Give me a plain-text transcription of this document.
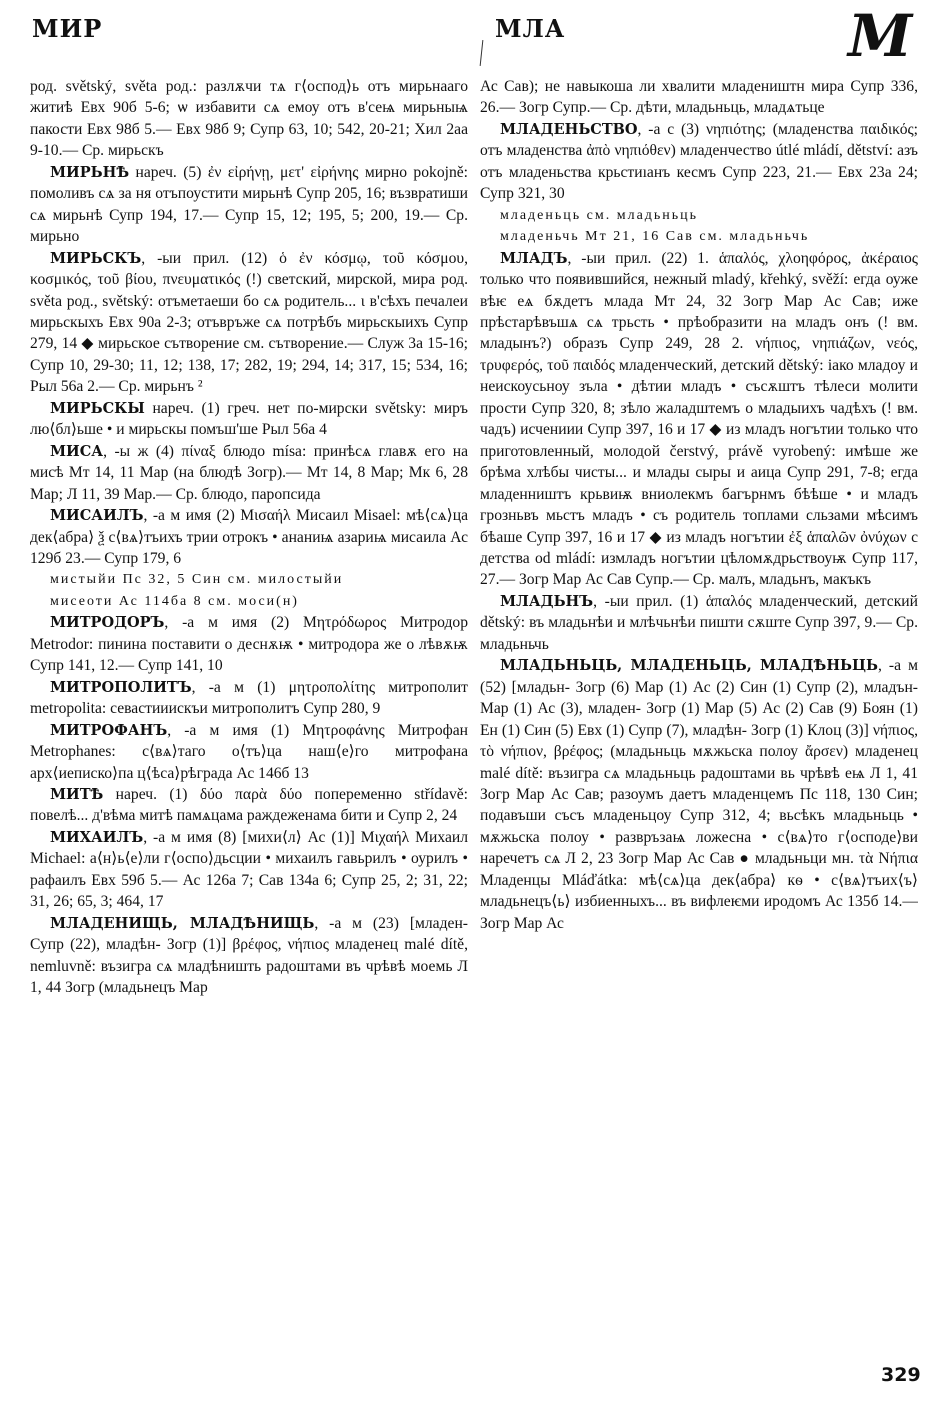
МИР	МЛА	М

род. světský, světa род.: разлѫчи тѧ г⟨оспод⟩ь отъ мирьнааго житиѣ Евх 90б 5-6; ѡ избавити сѧ емоу отъ в'сеѩ мирьныѩ пакости Евх 98б 5.— Евх 98б 9; Супр 63, 10; 542, 20-21; Хил 2аа 9-10.— Ср. мирьскъ

МИРЬНѢ нареч. (5) ἐν εἰρήνῃ, μετ' εἰρήνης мирно pokojně: помоливъ сѧ за ня отъпоустити мирьнѣ Супр 205, 16; възвратиши сѧ мирьнѣ Супр 194, 17.— Супр 15, 12; 195, 5; 200, 19.— Ср. мирьно

МИРЬСКЪ, -ыи прил. (12) ὁ ἐν κόσμῳ, τοῦ κόσμου, κοσμικός, τοῦ βίου, πνευματικός (!) светский, мирской, мира род. světa род., světský: отъметаеши бо сѧ родитель... ι в'сѣхъ печалеи мирьскыхъ Евх 90а 2-3; отъвръже сѧ потрѣбъ мирьскыихъ Супр 279, 14 ◆ мирьское сътворение см. сътворение.— Служ 3а 15-16; Супр 10, 29-30; 11, 12; 138, 17; 282, 19; 294, 14; 317, 15; 534, 16; Рыл 56а 2.— Ср. мирьнъ ²

МИРЬСКЫ нареч. (1) греч. нет по-мирски světsky: миръ лю⟨бл⟩ьше • и мирьскы помъш'ше Рыл 56а 4

МИСА, -ы ж (4) πίναξ блюдо mísa: принѣсѧ главѫ его на мисѣ Мт 14, 11 Мар (на блюдѣ Зогр).— Мт 14, 8 Мар; Мк 6, 28 Мар; Л 11, 39 Мар.— Ср. блюдо, паропсида

МИСАИЛЪ, -а м имя (2) Μισαήλ Мисаил Misael: мѣ⟨сѧ⟩ца дек⟨абра⟩ ѯ с⟨вѧ⟩тъихъ трии отрокъ • ананиѩ азариѩ мисаила Ас 129б 23.— Супр 179, 6

мистыйи Пс 32, 5 Син см. милостыйи

мисеоти Ас 114ба 8 см. моси(н)

МИТРОДОРЪ, -а м имя (2) Μητρόδωρος Митродор Metrodor: пинина поставити о деснѫѭ • митродора же о лѣвѫѭ Супр 141, 12.— Супр 141, 10

МИТРОПОЛИТЪ, -а м (1) μητροπολίτης митрополит metropolita: севастииискъи митрополитъ Супр 280, 9

МИТРОФАНЪ, -а м имя (1) Μητροφάνης Митрофан Metrophanes: с⟨вѧ⟩таго о⟨тъ⟩ца наш⟨е⟩го митрофана арх⟨иеписко⟩па ц⟨ѣса⟩рѣграда Ас 146б 13

МИТѢ нареч. (1) δύο παρὰ δύο попеременно střídavě: повелѣ... д'вѣма митѣ памѧцама раждеженама бити и Супр 2, 24

МИХАИЛЪ, -а м имя (8) [михи⟨л⟩ Ас (1)] Μιχαήλ Михаил Michael: а⟨н⟩ь⟨е⟩ли г⟨оспо⟩дьсции • михаилъ гавьрилъ • оурилъ • рафаилъ Евх 59б 5.— Ас 126а 7; Сав 134а 6; Супр 25, 2; 31, 22; 31, 26; 65, 3; 464, 17

МЛАДЕНИЩЬ, МЛАДѢНИЩЬ, -а м (23) [младен- Супр (22), младѣн- Зогр (1)] βρέφος, νήπιος младенец malé dítě, nemluvně: възигра сѧ младѣништь радоштами въ чрѣвѣ моемь Л 1, 44 Зогр (младьнецъ Мар

Ас Сав); не навыкоша ли хвалити младеништн мира Супр 336, 26.— Зогр Супр.— Ср. дѣти, младьньць, младѧтьце

МЛАДЕНЬСТВО, -а с (3) νηπιότης; (младенства παιδικός; отъ младенства ἀπὸ νηπιόθεν) младенчество útlé mládí, dětství: азъ отъ младеньства крьстиıанъ кесмъ Супр 223, 21.— Евх 23а 24; Супр 321, 30

младеньць см. младьньць

младеньчь Мт 21, 16 Сав см. младьньчь

МЛАДЪ, -ыи прил. (22) 1. ἁπαλός, χλοηφόρος, ἀκέραιος только что появившийся, нежный mladý, křehký, svěží: егда оуже вѣѥ еѧ бѫдетъ млада Мт 24, 32 Зогр Мар Ас Сав; иже прѣстарѣвъшѧ сѧ трьсть • прѣобразити на младъ онъ (! вм. младынъ?) образъ Супр 249, 28 2. νήπιος, νηπιάζων, νεός, τρυφερός, τοῦ παιδός младенческий, детский dětský: іако младоу и неискоусьноу зъла • дѣтии младъ • съсѫштъ тѣлеси молити прости Супр 320, 8; зѣло жаладштемъ о младыихъ чадѣхъ (! вм. чадъ) исчениии Супр 397, 16 и 17 ◆ из младъ ногътии только что приготовленный, молодой čerstvý, právě vyrobený: имѣше же брѣма хлѣбы чисты... и млады сыры и аица Супр 291, 7-8; егда младенништъ крьвиѭ вниолекмъ багърнмъ бѣѣше • и младъ грозньвъ мьстъ младъ • съ родитель топлами сльзами мѣсимъ бѣаше Супр 397, 16 и 17 ◆ из младъ ногътии ἐξ ἁπαλῶν ὀνύχων с детства od mládí: измладъ ногътии цѣломѫдрьствоуѭ Супр 117, 27.— Зогр Мар Ас Сав Супр.— Ср. малъ, младьнъ, макъкъ

МЛАДЬНЪ, -ыи прил. (1) ἁπαλός младенческий, детский dětský: въ младьнѣи и млѣчьнѣи пишти сѫште Супр 397, 9.— Ср. младьньчь

МЛАДЬНЬЦЬ, МЛАДЕНЬЦЬ, МЛАДѢНЬЦЬ, -а м (52) [младьн- Зогр (6) Мар (1) Ас (2) Син (1) Супр (2), младън- Мар (1) Ас (3), младен- Зогр (1) Мар (5) Ас (2) Сав (9) Боян (1) Ен (1) Син (5) Евх (1) Супр (7), младѣн- Зогр (1) Клоц (3)] νήπιος, τὸ νήπιον, βρέφος; (младьньць мѫжьска полоу ἄρσεν) младенец malé dítě: възигра сѧ младьньць радоштами вь чрѣвѣ еѩ Л 1, 41 Зогр Мар Ас Сав; разоумъ даетъ младенцемъ Пс 118, 130 Син; подавъши съсъ младеньцоу Супр 312, 4; вьсѣкъ младьньць • мѫжьска полоу • развръзаѩ ложесна • с⟨вѧ⟩то г⟨осподе⟩ви наречетъ сѧ Л 2, 23 Зогр Мар Ас Сав ● младьньци мн. τὰ Νήπια Младенцы Mláďátka: мѣ⟨сѧ⟩ца дек⟨абра⟩ кѳ • с⟨вѧ⟩тъих⟨ъ⟩ младьнецъ⟨ь⟩ избиенныхъ... въ вифлеѥми иродомъ Ас 135б 14.— Зогр Мар Ас

329
